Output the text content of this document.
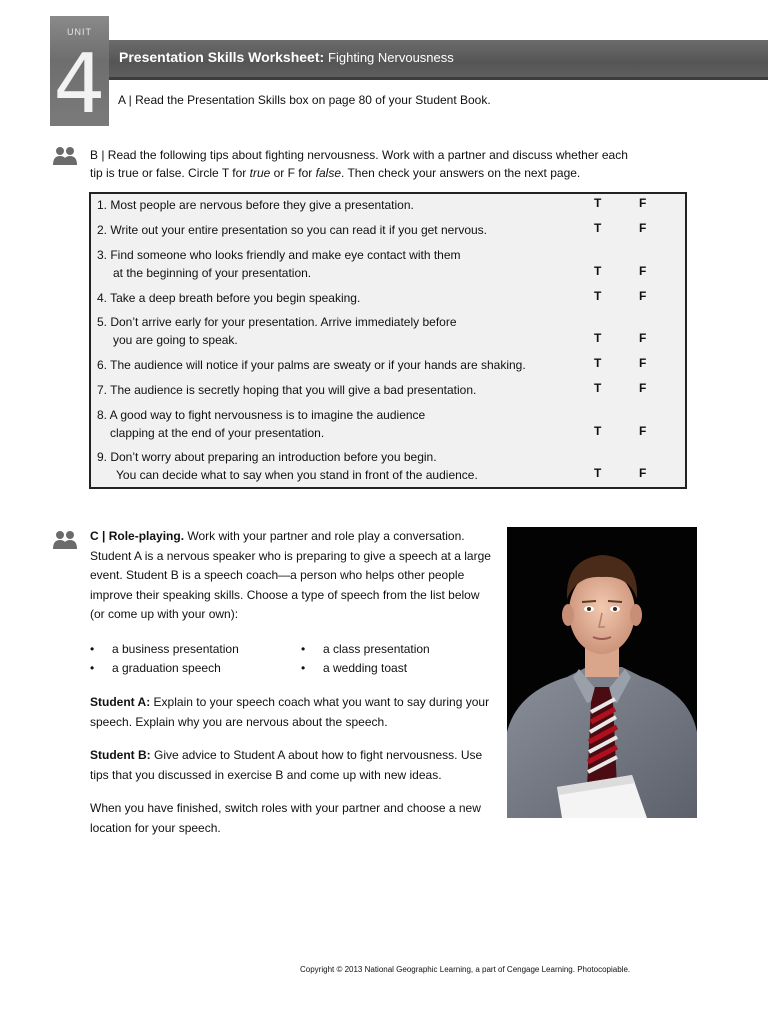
UNIT
4 Presentation Skills Worksheet: Fighting Nervousness
A | Read the Presentation Skills box on page 80 of your Student Book.
B | Read the following tips about fighting nervousness. Work with a partner and discuss whether each
tip is true or false. Circle T for true or F for false. Then check your answers on the next page.
1. Most people are nervous before they give a presentation.	T	F
2. Write out your entire presentation so you can read it if you get nervous.	T	F
3. Find someone who looks friendly and make eye contact with them
at the beginning of your presentation.	T	F
4. Take a deep breath before you begin speaking.	T	F
5. Don’t arrive early for your presentation. Arrive immediately before
you are going to speak.	T	F
6. The audience will notice if your palms are sweaty or if your hands are shaking.	T	F
7. The audience is secretly hoping that you will give a bad presentation.	T	F
8. A good way to fight nervousness is to imagine the audience
clapping at the end of your presentation.	T	F
9. Don’t worry about preparing an introduction before you begin.
You can decide what to say when you stand in front of the audience.	T	F
C | Role-playing. Work with your partner and role play a conversation. Student A is a nervous speaker who is preparing to give a speech at a large event. Student B is a speech coach—a person who helps other people improve their speaking skills. Choose a type of speech from the list below (or come up with your own):
• a business presentation
• a graduation speech
• a class presentation
• a wedding toast
Student A: Explain to your speech coach what you want to say during your speech. Explain why you are nervous about the speech.
Student B: Give advice to Student A about how to fight nervousness. Use tips that you discussed in exercise B and come up with new ideas.
When you have finished, switch roles with your partner and choose a new location for your speech.
Copyright © 2013 National Geographic Learning, a part of Cengage Learning. Photocopiable.
